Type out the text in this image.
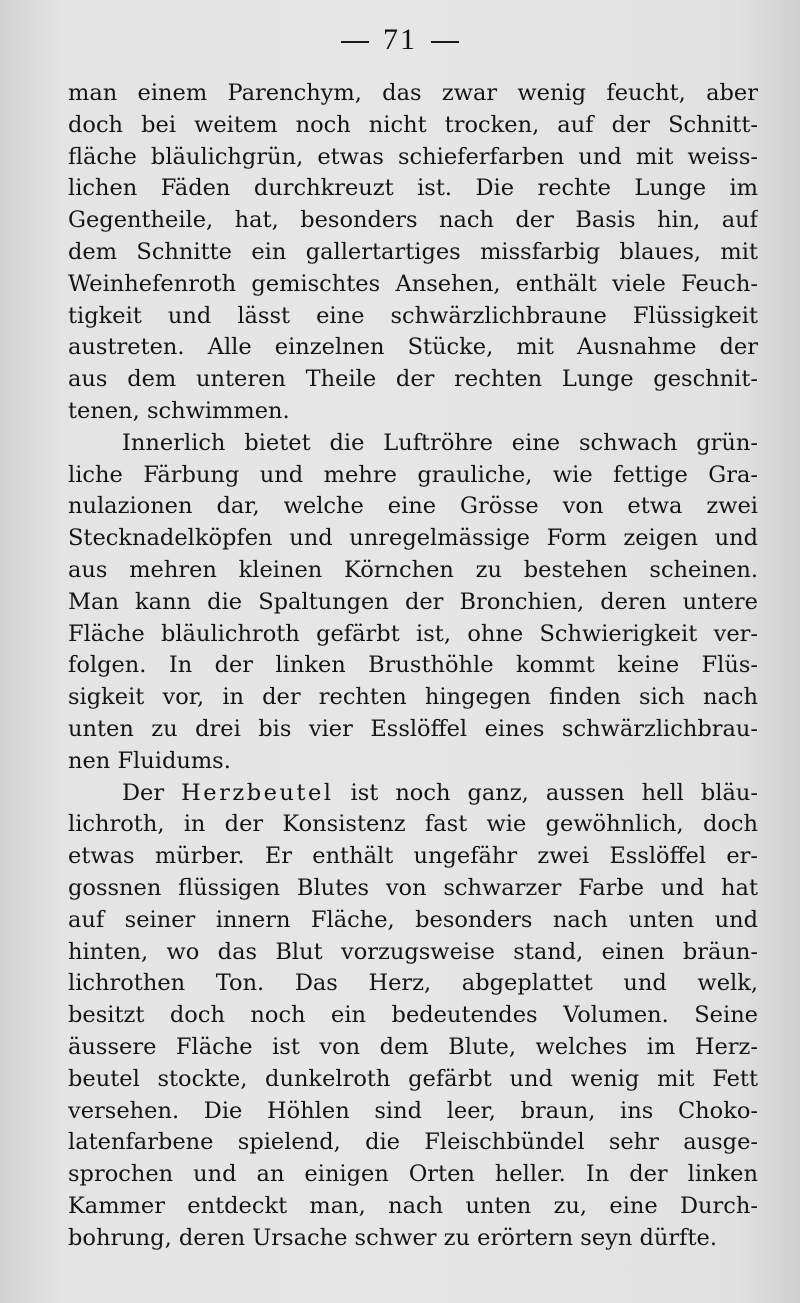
71
man einem Parenchym, das zwar wenig feucht, aber
doch bei weitem noch nicht trocken, auf der Schnitt-
fläche bläulichgrün, etwas schieferfarben und mit weiss-
lichen Fäden durchkreuzt ist. Die rechte Lunge im
Gegentheile, hat, besonders nach der Basis hin, auf
dem Schnitte ein gallertartiges missfarbig blaues, mit
Weinhefenroth gemischtes Ansehen, enthält viele Feuch-
tigkeit und lässt eine schwärzlichbraune Flüssigkeit
austreten. Alle einzelnen Stücke, mit Ausnahme der
aus dem unteren Theile der rechten Lunge geschnit-
tenen, schwimmen.
Innerlich bietet die Luftröhre eine schwach grün-
liche Färbung und mehre grauliche, wie fettige Gra-
nulazionen dar, welche eine Grösse von etwa zwei
Stecknadelköpfen und unregelmässige Form zeigen und
aus mehren kleinen Körnchen zu bestehen scheinen.
Man kann die Spaltungen der Bronchien, deren untere
Fläche bläulichroth gefärbt ist, ohne Schwierigkeit ver-
folgen. In der linken Brusthöhle kommt keine Flüs-
sigkeit vor, in der rechten hingegen finden sich nach
unten zu drei bis vier Esslöffel eines schwärzlichbrau-
nen Fluidums.
Der Herzbeutel ist noch ganz, aussen hell bläu-
lichroth, in der Konsistenz fast wie gewöhnlich, doch
etwas mürber. Er enthält ungefähr zwei Esslöffel er-
gossnen flüssigen Blutes von schwarzer Farbe und hat
auf seiner innern Fläche, besonders nach unten und
hinten, wo das Blut vorzugsweise stand, einen bräun-
lichrothen Ton. Das Herz, abgeplattet und welk,
besitzt doch noch ein bedeutendes Volumen. Seine
äussere Fläche ist von dem Blute, welches im Herz-
beutel stockte, dunkelroth gefärbt und wenig mit Fett
versehen. Die Höhlen sind leer, braun, ins Choko-
latenfarbene spielend, die Fleischbündel sehr ausge-
sprochen und an einigen Orten heller. In der linken
Kammer entdeckt man, nach unten zu, eine Durch-
bohrung, deren Ursache schwer zu erörtern seyn dürfte.
